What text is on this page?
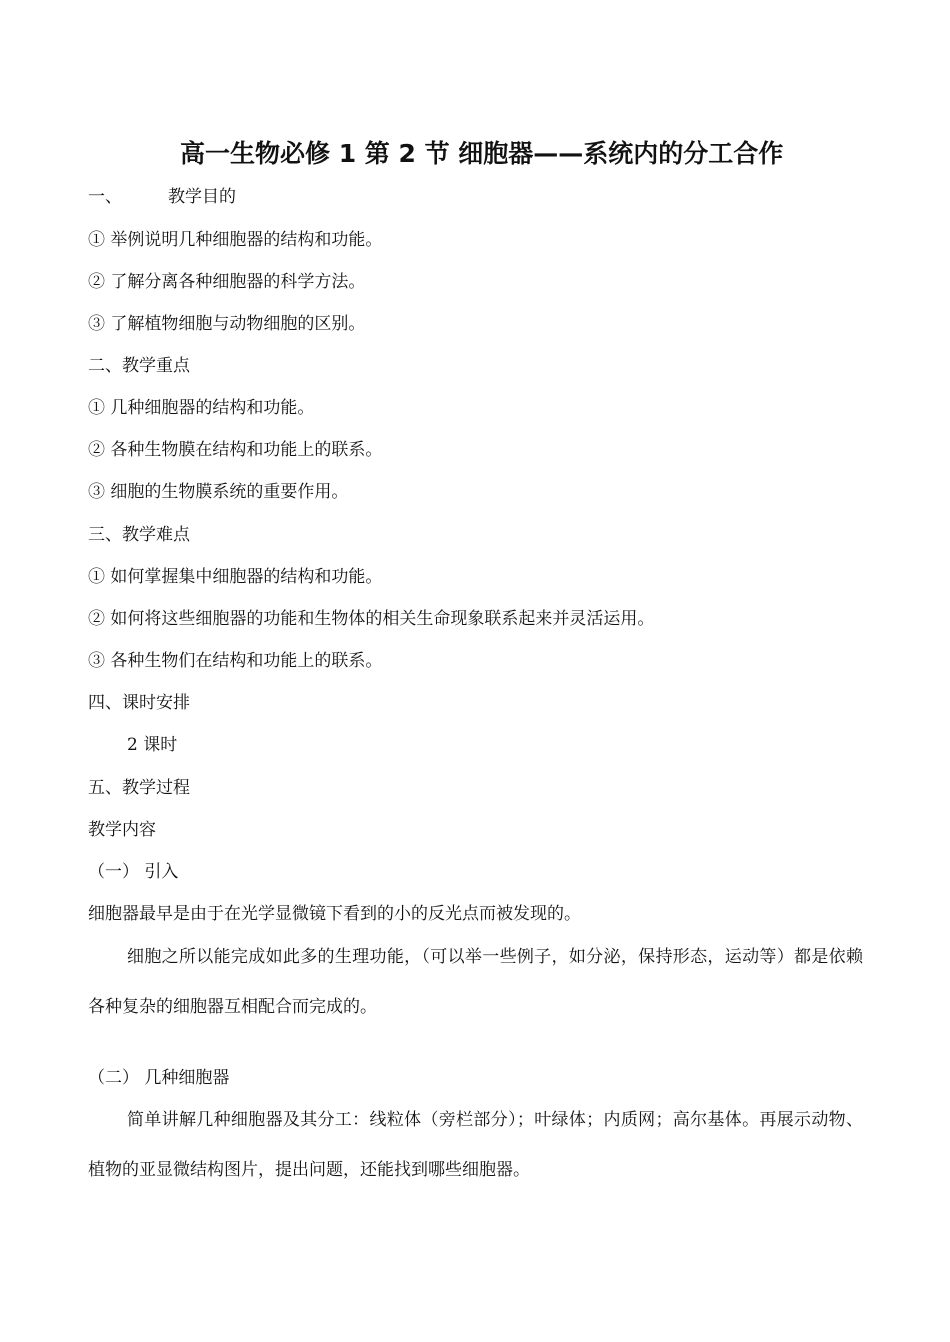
高一生物必修 1 第 2 节 细胞器——系统内的分工合作
一、	教学目的
① 举例说明几种细胞器的结构和功能。
② 了解分离各种细胞器的科学方法。
③ 了解植物细胞与动物细胞的区别。
二、教学重点
① 几种细胞器的结构和功能。
② 各种生物膜在结构和功能上的联系。
③ 细胞的生物膜系统的重要作用。
三、教学难点
① 如何掌握集中细胞器的结构和功能。
② 如何将这些细胞器的功能和生物体的相关生命现象联系起来并灵活运用。
③ 各种生物们在结构和功能上的联系。
四、课时安排
2 课时
五、教学过程
教学内容
（一） 引入
细胞器最早是由于在光学显微镜下看到的小的反光点而被发现的。
细胞之所以能完成如此多的生理功能，（可以举一些例子，如分泌，保持形态，运动等）都是依赖各种复杂的细胞器互相配合而完成的。
（二） 几种细胞器
简单讲解几种细胞器及其分工：线粒体（旁栏部分）；叶绿体；内质网；高尔基体。再展示动物、植物的亚显微结构图片，提出问题，还能找到哪些细胞器。
